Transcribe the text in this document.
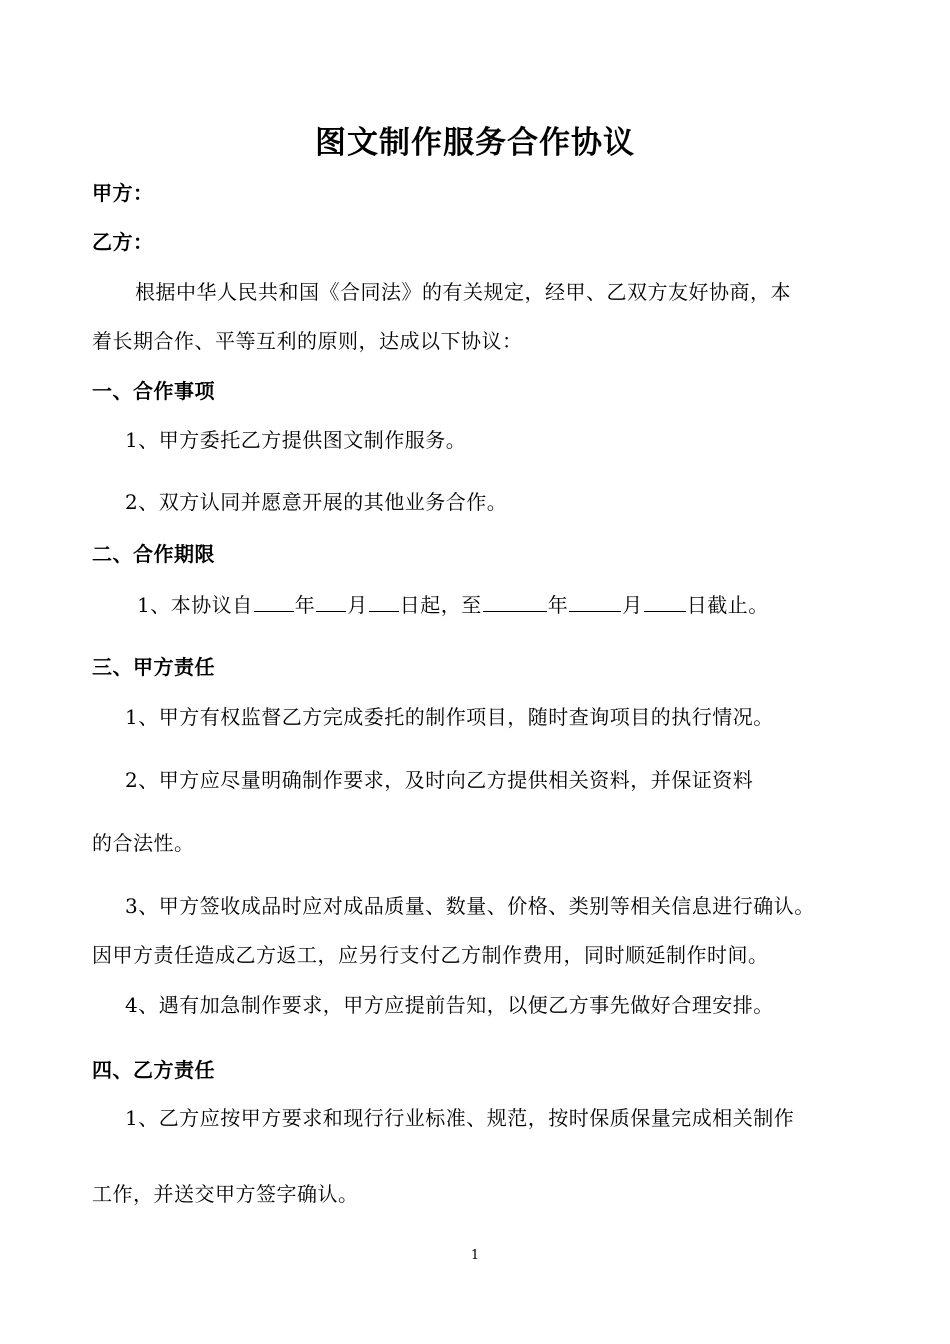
图文制作服务合作协议
甲方：
乙方：
根据中华人民共和国《合同法》的有关规定，经甲、乙双方友好协商，本
着长期合作、平等互利的原则，达成以下协议：
一、合作事项
1、甲方委托乙方提供图文制作服务。
2、双方认同并愿意开展的其他业务合作。
二、合作期限
1、本协议自 年 月 日起，至	年	月 日截止。
三、甲方责任
1、甲方有权监督乙方完成委托的制作项目，随时查询项目的执行情况。
2、甲方应尽量明确制作要求，及时向乙方提供相关资料，并保证资料
的合法性。
3、甲方签收成品时应对成品质量、数量、价格、类别等相关信息进行确认。
因甲方责任造成乙方返工，应另行支付乙方制作费用，同时顺延制作时间。
4、遇有加急制作要求，甲方应提前告知，以便乙方事先做好合理安排。
四、乙方责任
1、乙方应按甲方要求和现行行业标准、规范，按时保质保量完成相关制作
工作，并送交甲方签字确认。
1
